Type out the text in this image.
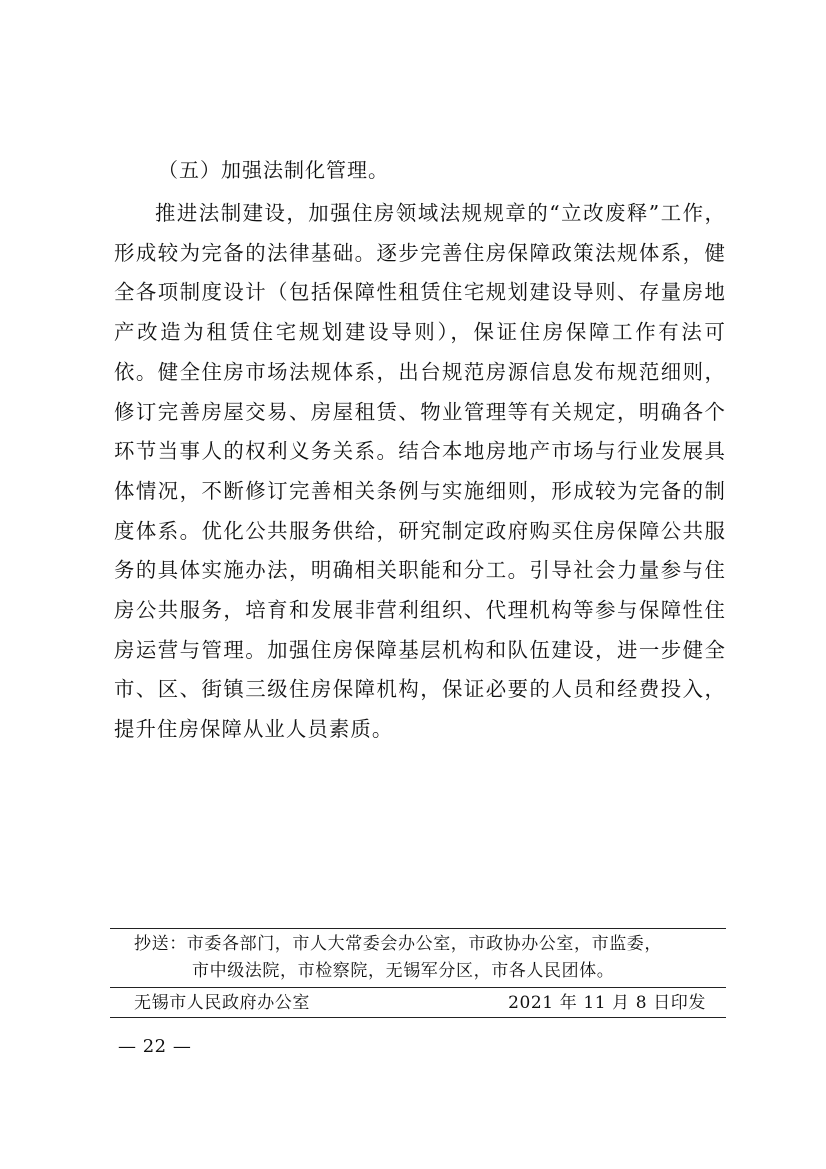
（五）加强法制化管理。

推进法制建设，加强住房领域法规规章的“立改废释”工作，形成较为完备的法律基础。逐步完善住房保障政策法规体系，健全各项制度设计（包括保障性租赁住宅规划建设导则、存量房地产改造为租赁住宅规划建设导则），保证住房保障工作有法可依。健全住房市场法规体系，出台规范房源信息发布规范细则，修订完善房屋交易、房屋租赁、物业管理等有关规定，明确各个环节当事人的权利义务关系。结合本地房地产市场与行业发展具体情况，不断修订完善相关条例与实施细则，形成较为完备的制度体系。优化公共服务供给，研究制定政府购买住房保障公共服务的具体实施办法，明确相关职能和分工。引导社会力量参与住房公共服务，培育和发展非营利组织、代理机构等参与保障性住房运营与管理。加强住房保障基层机构和队伍建设，进一步健全市、区、街镇三级住房保障机构，保证必要的人员和经费投入，提升住房保障从业人员素质。

抄送：市委各部门，市人大常委会办公室，市政协办公室，市监委，
市中级法院，市检察院，无锡军分区，市各人民团体。
无锡市人民政府办公室	2021 年 11 月 8 日印发
— 22 —
